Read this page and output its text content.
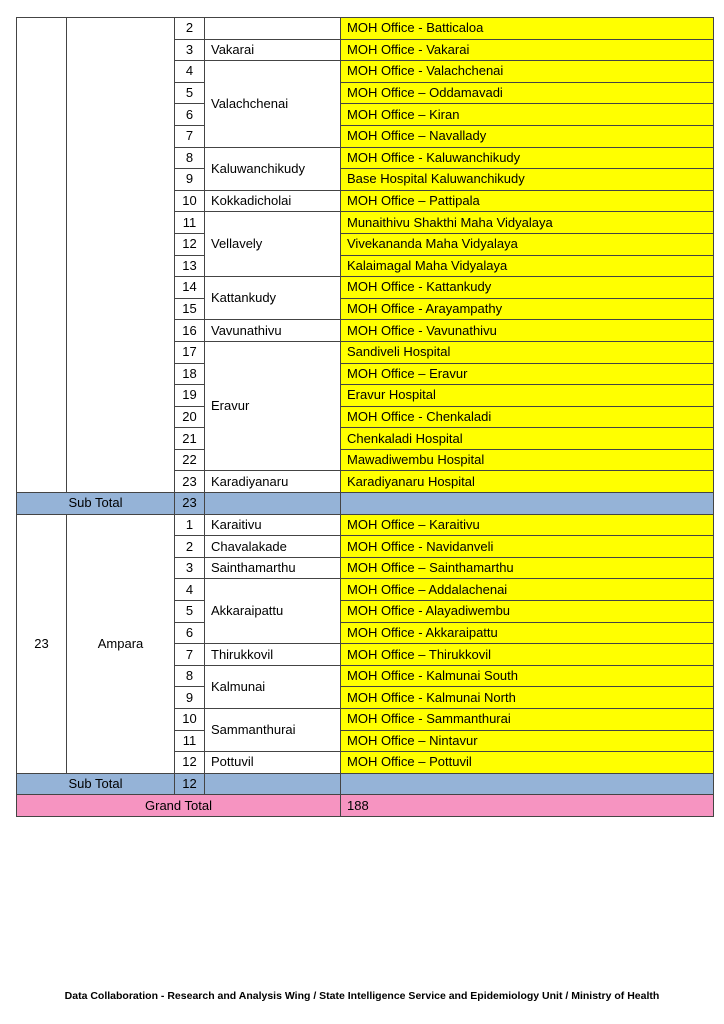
		2		MOH Office - Batticaloa
		3	Vakarai	MOH Office - Vakarai
		4	Valachchenai	MOH Office - Valachchenai
		5		MOH Office – Oddamavadi
		6		MOH Office – Kiran
		7		MOH Office – Navallady
		8	Kaluwanchikudy	MOH Office - Kaluwanchikudy
		9		Base Hospital Kaluwanchikudy
		10	Kokkadicholai	MOH Office – Pattipala
		11	Vellavely	Munaithivu Shakthi Maha Vidyalaya
		12		Vivekananda Maha Vidyalaya
		13		Kalaimagal Maha Vidyalaya
		14	Kattankudy	MOH Office - Kattankudy
		15		MOH Office - Arayampathy
		16	Vavunathivu	MOH Office - Vavunathivu
		17	Eravur	Sandiveli Hospital
		18		MOH Office – Eravur
		19		Eravur Hospital
		20		MOH Office - Chenkaladi
		21		Chenkaladi Hospital
		22		Mawadiwembu Hospital
		23	Karadiyanaru	Karadiyanaru Hospital
Sub Total		23		
23	Ampara	1	Karaitivu	MOH Office – Karaitivu
		2	Chavalakade	MOH Office - Navidanveli
		3	Sainthamarthu	MOH Office – Sainthamarthu
		4	Akkaraipattu	MOH Office – Addalachenai
		5		MOH Office - Alayadiwembu
		6		MOH Office - Akkaraipattu
		7	Thirukkovil	MOH Office – Thirukkovil
		8	Kalmunai	MOH Office - Kalmunai South
		9		MOH Office - Kalmunai North
		10	Sammanthurai	MOH Office - Sammanthurai
		11		MOH Office – Nintavur
		12	Pottuvil	MOH Office – Pottuvil
Sub Total		12		
Grand Total				188
Data Collaboration - Research and Analysis Wing / State Intelligence Service and Epidemiology Unit / Ministry of Health
